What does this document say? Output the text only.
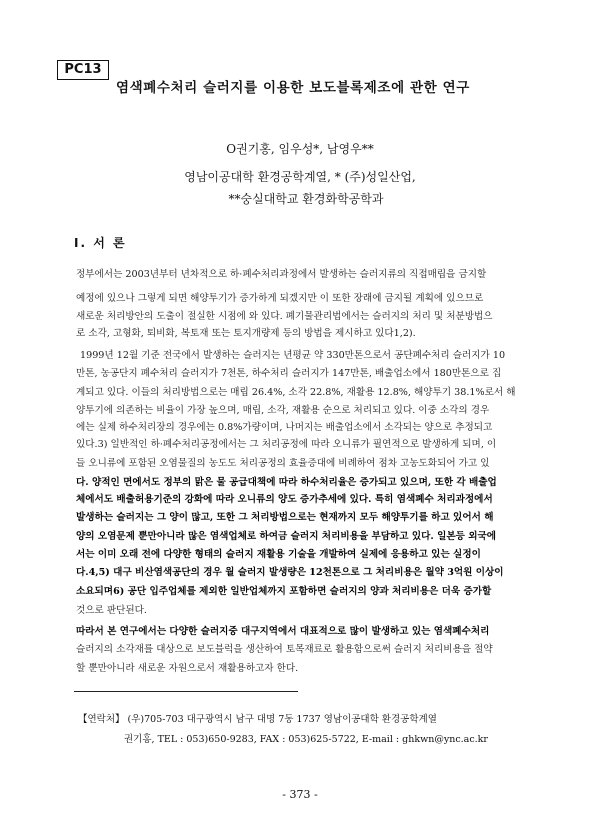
PC13
염색폐수처리 슬러지를 이용한 보도블록제조에 관한 연구
O권기홍, 임우성*, 남영우**
영남이공대학 환경공학계열, * (주)성일산업,
**숭실대학교 환경화학공학과
I. 서 론
정부에서는 2003년부터 년차적으로 하·폐수처리과정에서 발생하는 슬러지류의 직접매립을 금지할
예정에 있으나 그렇게 되면 해양투기가 증가하게 되겠지만 이 또한 장래에 금지될 계획에 있으므로
새로운 처리방안의 도출이 절실한 시점에 와 있다. 폐기물관리법에서는 슬러지의 처리 및 처분방법으
로 소각, 고형화, 퇴비화, 복토재 또는 토지개량제 등의 방법을 제시하고 있다1,2).
1999년 12월 기준 전국에서 발생하는 슬러지는 년평균 약 330만톤으로서 공단폐수처리 슬러지가 10
만톤, 농공단지 폐수처리 슬러지가 7천톤, 하수처리 슬러지가 147만톤, 배출업소에서 180만톤으로 집
계되고 있다. 이들의 처리방법으로는 매립 26.4%, 소각 22.8%, 재활용 12.8%, 해양투기 38.1%로서 해
양투기에 의존하는 비율이 가장 높으며, 매립, 소각, 재활용 순으로 처리되고 있다. 이중 소각의 경우
에는 실제 하수처리장의 경우에는 0.8%가량이며, 나머지는 배출업소에서 소각되는 양으로 추정되고
있다.3) 일반적인 하·폐수처리공정에서는 그 처리공정에 따라 오니류가 필연적으로 발생하게 되며, 이
들 오니류에 포함된 오염물질의 농도도 처리공정의 효율증대에 비례하여 점차 고농도화되어 가고 있
다. 양적인 면에서도 정부의 맑은 물 공급대책에 따라 하수처리율은 증가되고 있으며, 또한 각 배출업
체에서도 배출허용기준의 강화에 따라 오니류의 양도 증가추세에 있다. 특히 염색폐수 처리과정에서
발생하는 슬러지는 그 양이 많고, 또한 그 처리방법으로는 현재까지 모두 해양투기를 하고 있어서 해
양의 오염문제 뿐만아니라 많은 염색업체로 하여금 슬러지 처리비용을 부담하고 있다. 일본등 외국에
서는 이미 오래 전에 다양한 형태의 슬러지 재활용 기술을 개발하여 실제에 응용하고 있는 실정이
다.4,5) 대구 비산염색공단의 경우 월 슬러지 발생량은 12천톤으로 그 처리비용은 월약 3억원 이상이
소요되며6) 공단 입주업체를 제외한 일반업체까지 포함하면 슬러지의 양과 처리비용은 더욱 증가할
것으로 판단된다.
따라서 본 연구에서는 다양한 슬러지중 대구지역에서 대표적으로 많이 발생하고 있는 염색폐수처리
슬러지의 소각재를 대상으로 보도블럭을 생산하여 토목재료로 활용함으로써 슬러지 처리비용을 절약
할 뿐만아니라 새로운 자원으로서 재활용하고자 한다.
【연락처】 (우)705-703 대구광역시 남구 대명 7동 1737 영남이공대학 환경공학계열
권기홍, TEL : 053)650-9283, FAX : 053)625-5722, E-mail : ghkwn@ync.ac.kr
- 373 -
